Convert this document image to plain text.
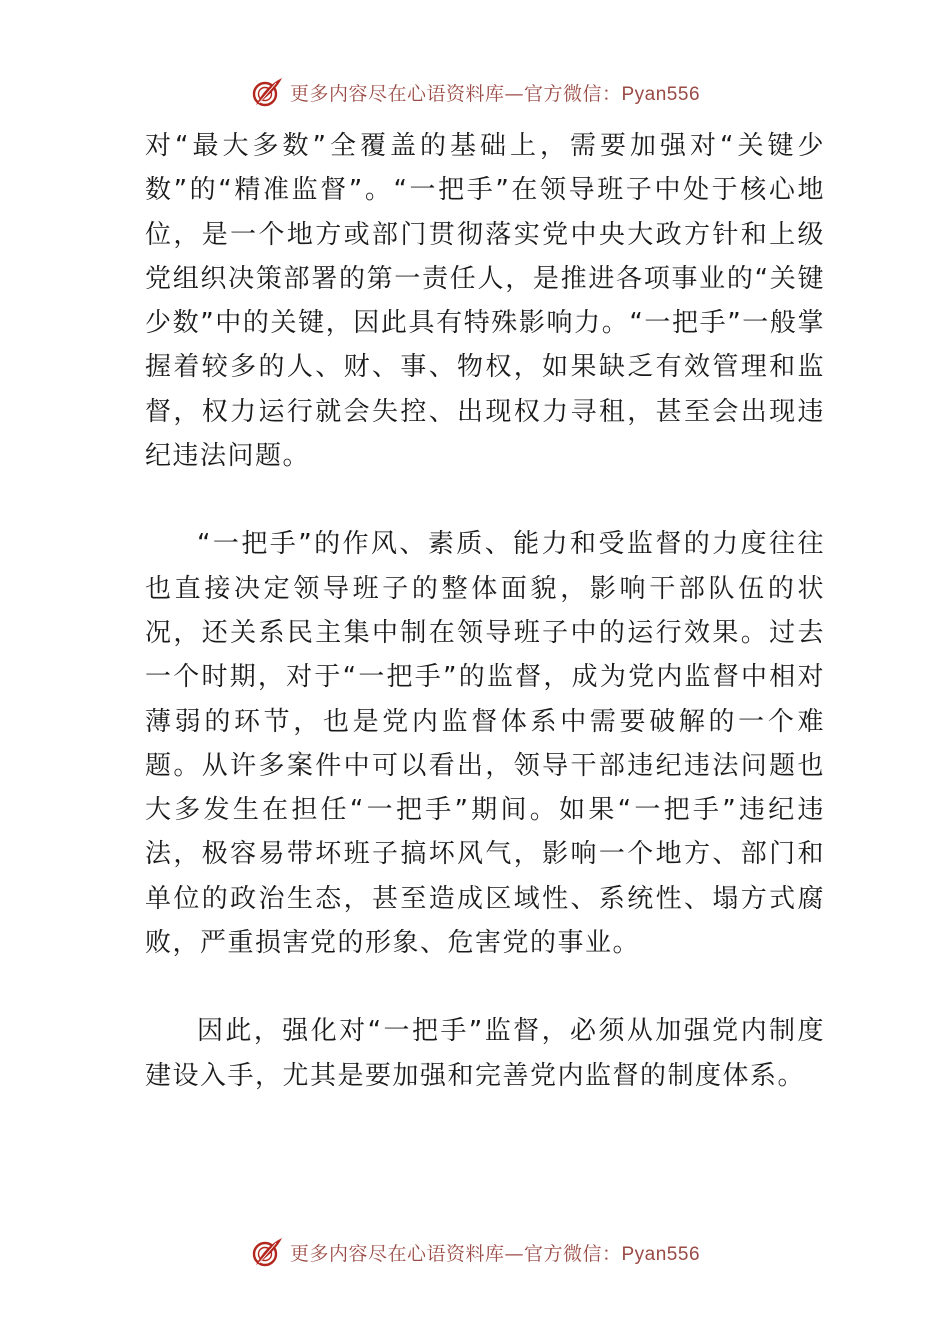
更多内容尽在心语资料库—官方微信：Pyan556

对“最大多数”全覆盖的基础上，需要加强对“关键少数”的“精准监督”。“一把手”在领导班子中处于核心地位，是一个地方或部门贯彻落实党中央大政方针和上级党组织决策部署的第一责任人，是推进各项事业的“关键少数”中的关键，因此具有特殊影响力。“一把手”一般掌握着较多的人、财、事、物权，如果缺乏有效管理和监督，权力运行就会失控、出现权力寻租，甚至会出现违纪违法问题。

“一把手”的作风、素质、能力和受监督的力度往往也直接决定领导班子的整体面貌，影响干部队伍的状况，还关系民主集中制在领导班子中的运行效果。过去一个时期，对于“一把手”的监督，成为党内监督中相对薄弱的环节，也是党内监督体系中需要破解的一个难题。从许多案件中可以看出，领导干部违纪违法问题也大多发生在担任“一把手”期间。如果“一把手”违纪违法，极容易带坏班子搞坏风气，影响一个地方、部门和单位的政治生态，甚至造成区域性、系统性、塌方式腐败，严重损害党的形象、危害党的事业。

因此，强化对“一把手”监督，必须从加强党内制度建设入手，尤其是要加强和完善党内监督的制度体系。

更多内容尽在心语资料库—官方微信：Pyan556
